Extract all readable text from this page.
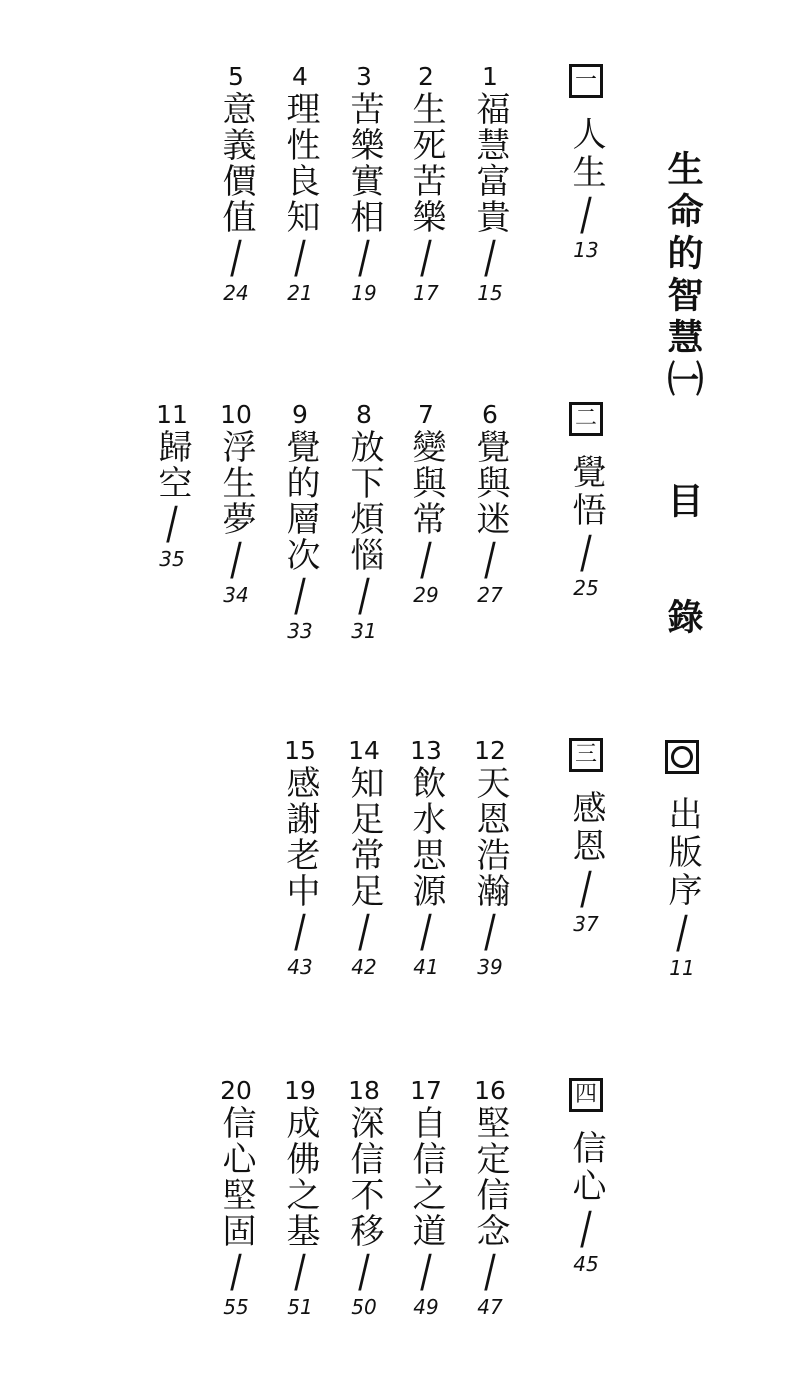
生命的智慧㈠
目錄
出版序
/
11
一
人生
/
13
1
福慧富貴
/
15
2
生死苦樂
/
17
3
苦樂實相
/
19
4
理性良知
/
21
5
意義價值
/
24
二
覺悟
/
25
6
覺與迷
/
27
7
變與常
/
29
8
放下煩惱
/
31
9
覺的層次
/
33
10
浮生夢
/
34
11
歸空
/
35
三
感恩
/
37
12
天恩浩瀚
/
39
13
飲水思源
/
41
14
知足常足
/
42
15
感謝老中
/
43
四
信心
/
45
16
堅定信念
/
47
17
自信之道
/
49
18
深信不移
/
50
19
成佛之基
/
51
20
信心堅固
/
55
